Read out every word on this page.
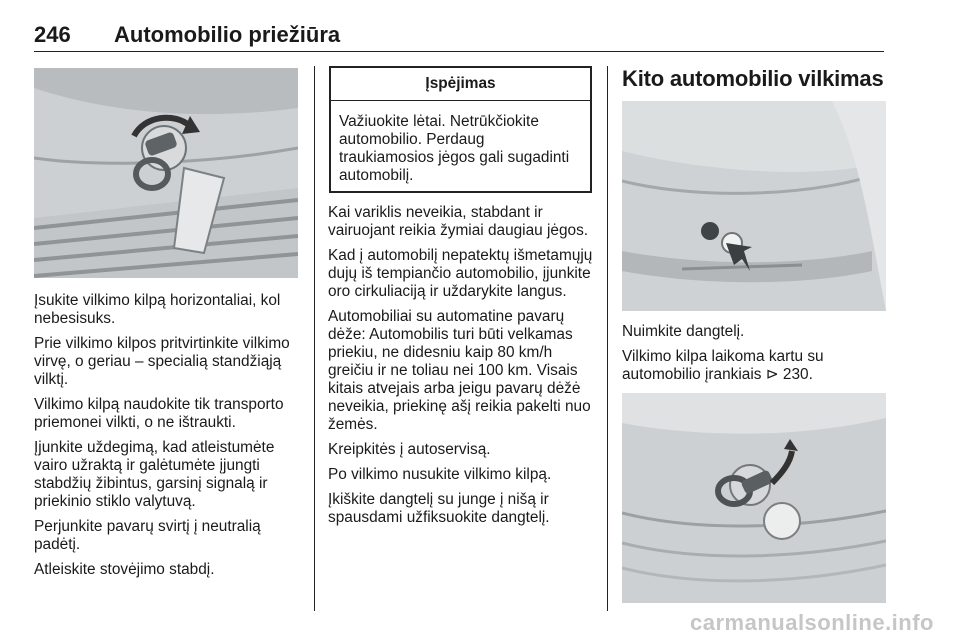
246 Automobilio priežiūra

Įsukite vilkimo kilpą horizontaliai, kol nebesisuks.

Prie vilkimo kilpos pritvirtinkite vilkimo virvę, o geriau – specialią standžiąją vilktį.

Vilkimo kilpą naudokite tik transporto priemonei vilkti, o ne ištraukti.

Įjunkite uždegimą, kad atleistumėte vairo užraktą ir galėtumėte įjungti stabdžių žibintus, garsinį signalą ir priekinio stiklo valytuvą.

Perjunkite pavarų svirtį į neutralią padėtį.

Atleiskite stovėjimo stabdį.

Įspėjimas
Važiuokite lėtai. Netrūkčiokite automobilio. Perdaug traukiamosios jėgos gali sugadinti automobilį.

Kai variklis neveikia, stabdant ir vairuojant reikia žymiai daugiau jėgos.

Kad į automobilį nepatektų išmetamųjų dujų iš tempiančio automobilio, įjunkite oro cirkuliaciją ir uždarykite langus.

Automobiliai su automatine pavarų dėže: Automobilis turi būti velkamas priekiu, ne didesniu kaip 80 km/h greičiu ir ne toliau nei 100 km. Visais kitais atvejais arba jeigu pavarų dėžė neveikia, priekinę ašį reikia pakelti nuo žemės.

Kreipkitės į autoservisą.

Po vilkimo nusukite vilkimo kilpą.

Įkiškite dangtelį su junge į nišą ir spausdami užfiksuokite dangtelį.

Kito automobilio vilkimas

Nuimkite dangtelį.

Vilkimo kilpa laikoma kartu su automobilio įrankiais ⊳ 230.

carmanualsonline.info
